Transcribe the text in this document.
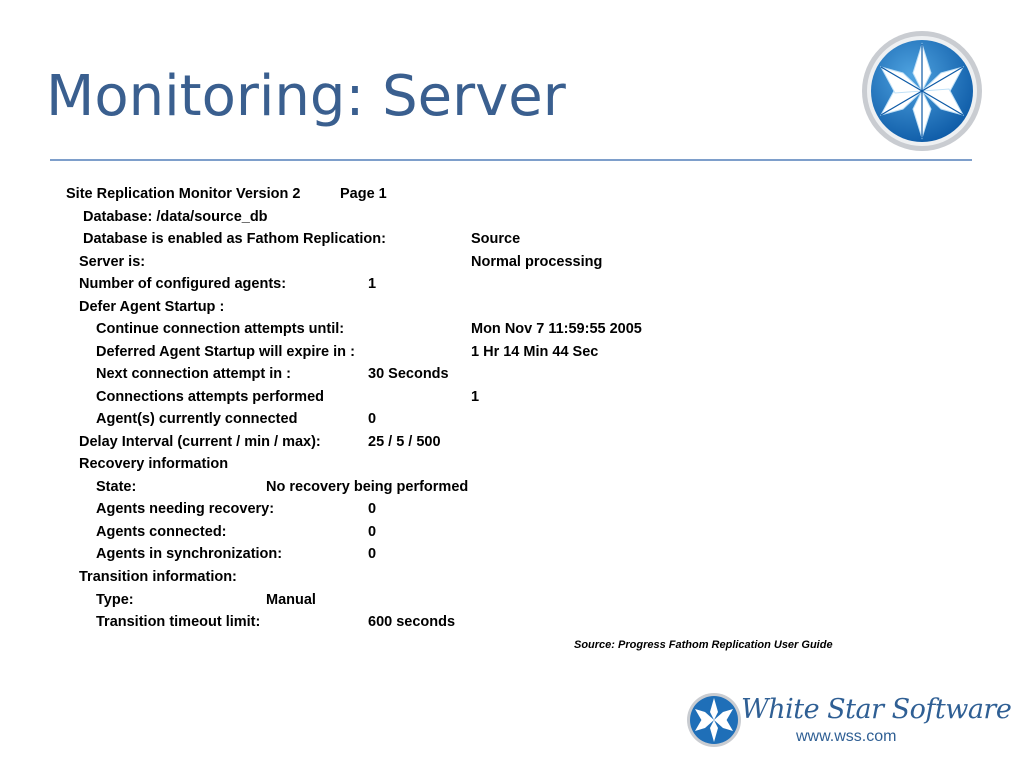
Monitoring: Server
Site Replication Monitor Version 2	Page 1
Database: /data/source_db
Database is enabled as Fathom Replication:	Source
Server is:	Normal processing
Number of configured agents:	1
Defer Agent Startup :
Continue connection attempts until:	Mon Nov 7 11:59:55 2005
Deferred Agent Startup will expire in :	1 Hr 14 Min 44 Sec
Next connection attempt in :	30 Seconds
Connections attempts performed	1
Agent(s) currently connected	0
Delay Interval (current / min / max):	25 / 5 / 500
Recovery information
State:	No recovery being performed
Agents needing recovery:	0
Agents connected:	0
Agents in synchronization:	0
Transition information:
Type:	Manual
Transition timeout limit:	600 seconds
Source: Progress Fathom Replication User Guide
White Star Software
www.wss.com
